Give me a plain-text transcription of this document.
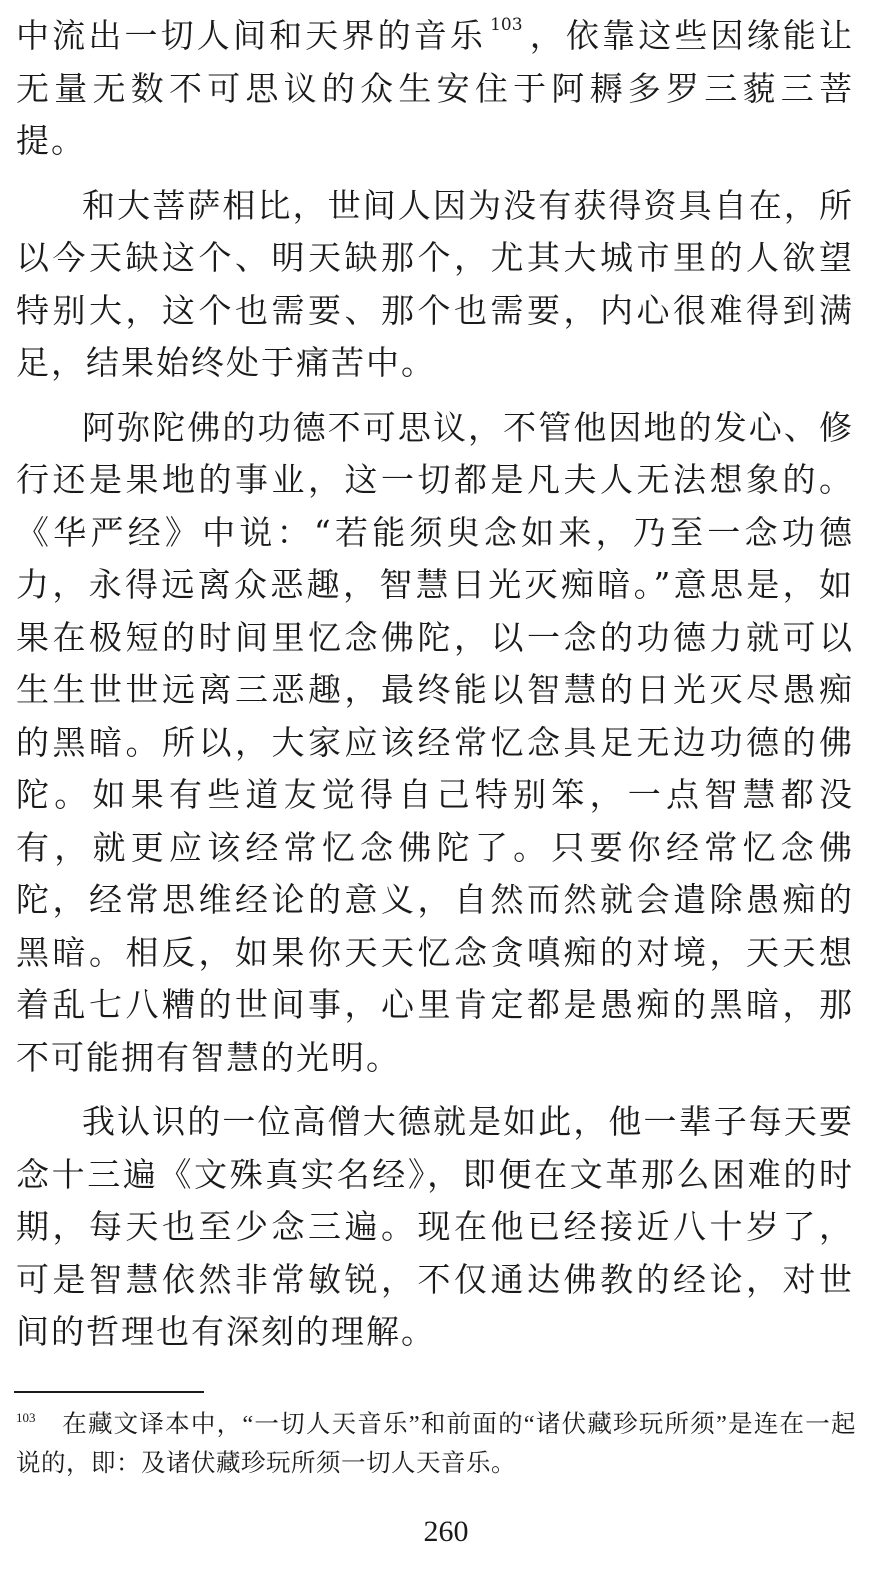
中流出一切人间和天界的音乐 $^{103}$ ，依靠这些因缘能让无量无数不可思议的众生安住于阿耨多罗三藐三菩提。

和大菩萨相比，世间人因为没有获得资具自在，所以今天缺这个、明天缺那个，尤其大城市里的人欲望特别大，这个也需要、那个也需要，内心很难得到满足，结果始终处于痛苦中。

阿弥陀佛的功德不可思议，不管他因地的发心、修行还是果地的事业，这一切都是凡夫人无法想象的。《华严经》中说：“若能须臾念如来，乃至一念功德力，永得远离众恶趣，智慧日光灭痴暗。”意思是，如果在极短的时间里忆念佛陀，以一念的功德力就可以生生世世远离三恶趣，最终能以智慧的日光灭尽愚痴的黑暗。所以，大家应该经常忆念具足无边功德的佛陀。如果有些道友觉得自己特别笨，一点智慧都没有，就更应该经常忆念佛陀了。只要你经常忆念佛陀，经常思维经论的意义，自然而然就会遣除愚痴的黑暗。相反，如果你天天忆念贪嗔痴的对境，天天想着乱七八糟的世间事，心里肯定都是愚痴的黑暗，那不可能拥有智慧的光明。

我认识的一位高僧大德就是如此，他一辈子每天要念十三遍《文殊真实名经》，即便在文革那么困难的时期，每天也至少念三遍。现在他已经接近八十岁了，可是智慧依然非常敏锐，不仅通达佛教的经论，对世间的哲理也有深刻的理解。

$^{103}$ 在藏文译本中，“一切人天音乐”和前面的“诸伏藏珍玩所须”是连在一起说的，即：及诸伏藏珍玩所须一切人天音乐。
260
